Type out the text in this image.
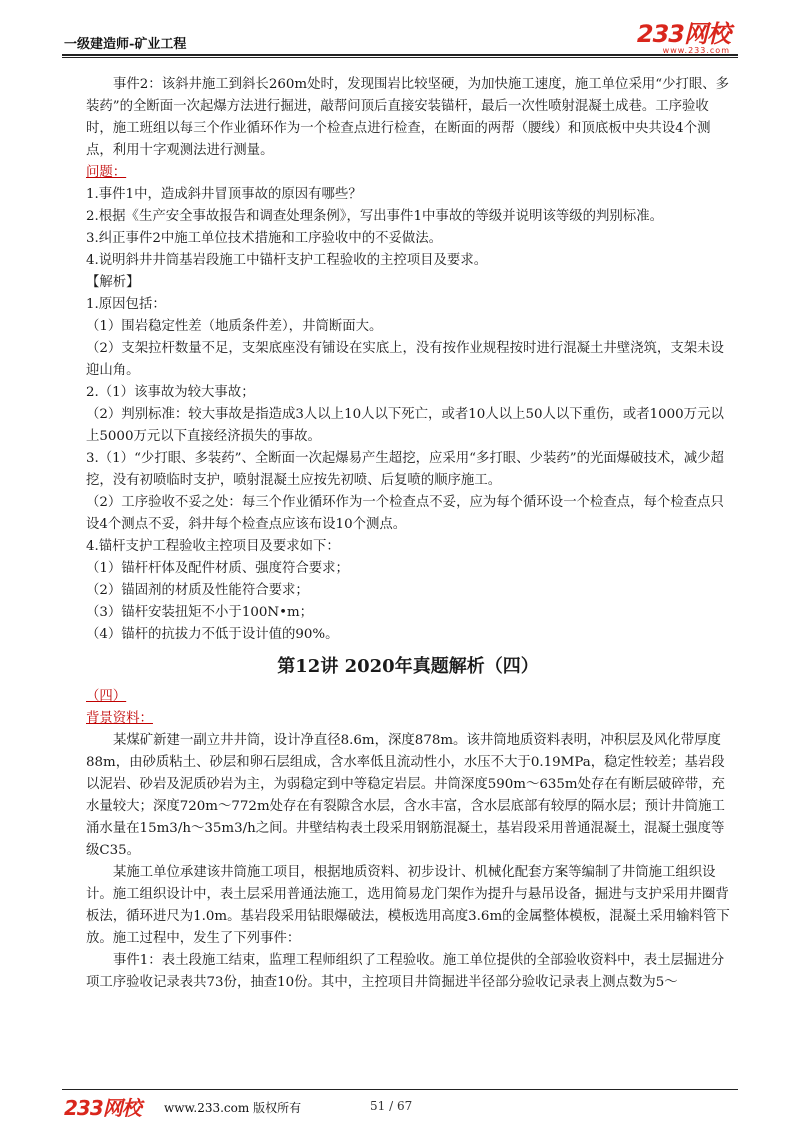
一级建造师-矿业工程	233网校
www.233.com

事件2：该斜井施工到斜长260m处时，发现围岩比较坚硬，为加快施工速度，施工单位采用“少打眼、多装药”的全断面一次起爆方法进行掘进，敲帮问顶后直接安装锚杆，最后一次性喷射混凝土成巷。工序验收时，施工班组以每三个作业循环作为一个检查点进行检查，在断面的两帮（腰线）和顶底板中央共设4个测点，利用十字观测法进行测量。

问题：

1.事件1中，造成斜井冒顶事故的原因有哪些？

2.根据《生产安全事故报告和调查处理条例》，写出事件1中事故的等级并说明该等级的判别标准。

3.纠正事件2中施工单位技术措施和工序验收中的不妥做法。

4.说明斜井井筒基岩段施工中锚杆支护工程验收的主控项目及要求。

【解析】

1.原因包括：

（1）围岩稳定性差（地质条件差），井筒断面大。

（2）支架拉杆数量不足，支架底座没有铺设在实底上，没有按作业规程按时进行混凝土井壁浇筑，支架未设迎山角。

2.（1）该事故为较大事故；

（2）判别标准：较大事故是指造成3人以上10人以下死亡，或者10人以上50人以下重伤，或者1000万元以上5000万元以下直接经济损失的事故。

3.（1）“少打眼、多装药”、全断面一次起爆易产生超挖，应采用“多打眼、少装药”的光面爆破技术，减少超挖，没有初喷临时支护，喷射混凝土应按先初喷、后复喷的顺序施工。

（2）工序验收不妥之处：每三个作业循环作为一个检查点不妥，应为每个循环设一个检查点，每个检查点只设4个测点不妥，斜井每个检查点应该布设10个测点。

4.锚杆支护工程验收主控项目及要求如下：

（1）锚杆杆体及配件材质、强度符合要求；

（2）锚固剂的材质及性能符合要求；

（3）锚杆安装扭矩不小于100N•m；

（4）锚杆的抗拔力不低于设计值的90%。

第12讲 2020年真题解析（四）

（四）

背景资料：

某煤矿新建一副立井井筒，设计净直径8.6m，深度878m。该井筒地质资料表明，冲积层及风化带厚度88m，由砂质粘土、砂层和卵石层组成，含水率低且流动性小，水压不大于0.19MPa，稳定性较差；基岩段以泥岩、砂岩及泥质砂岩为主，为弱稳定到中等稳定岩层。井筒深度590m～635m处存在有断层破碎带，充水量较大；深度720m～772m处存在有裂隙含水层，含水丰富，含水层底部有较厚的隔水层；预计井筒施工涌水量在15m3/h～35m3/h之间。井壁结构表土段采用钢筋混凝土，基岩段采用普通混凝土，混凝土强度等级C35。

某施工单位承建该井筒施工项目，根据地质资料、初步设计、机械化配套方案等编制了井筒施工组织设计。施工组织设计中，表土层采用普通法施工，选用简易龙门架作为提升与悬吊设备，掘进与支护采用井圈背板法，循环进尺为1.0m。基岩段采用钻眼爆破法，模板选用高度3.6m的金属整体模板，混凝土采用输料管下放。施工过程中，发生了下列事件：

事件1：表土段施工结束，监理工程师组织了工程验收。施工单位提供的全部验收资料中，表土层掘进分项工序验收记录表共73份，抽查10份。其中，主控项目井筒掘进半径部分验收记录表上测点数为5～

233网校 www.233.com 版权所有	51 / 67
